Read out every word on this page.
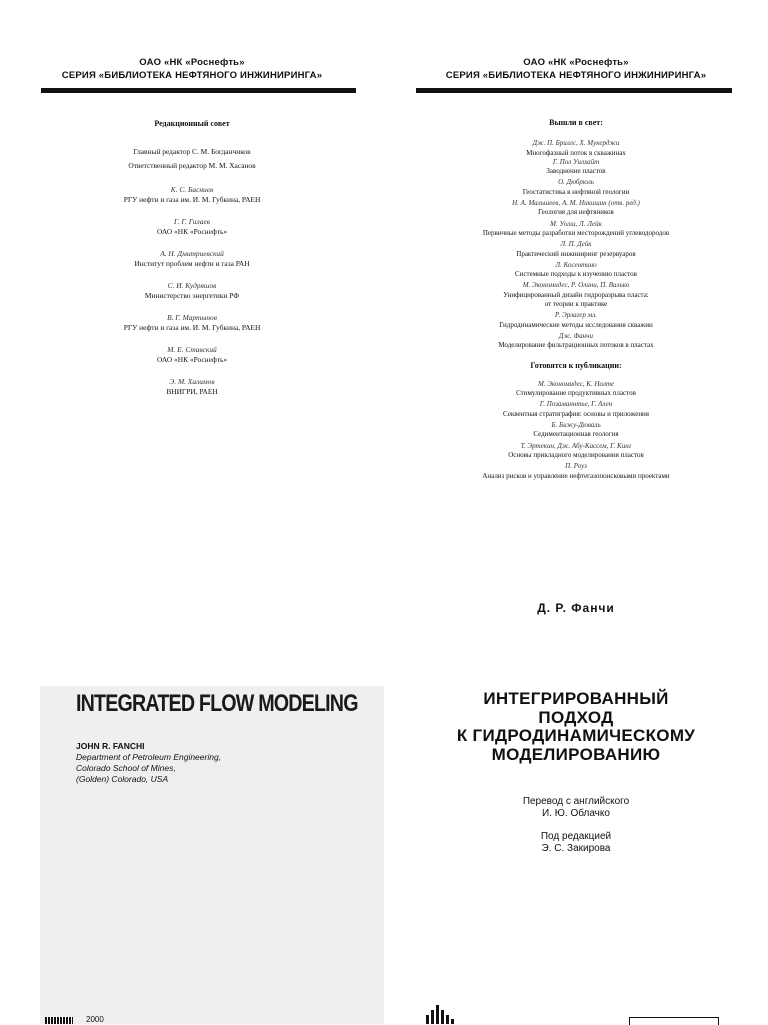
ОАО «НК «Роснефть»
СЕРИЯ «БИБЛИОТЕКА НЕФТЯНОГО ИНЖИНИРИНГА»
Редакционный совет
Главный редактор С. М. Богданчиков
Ответственный редактор М. М. Хасанов
К. С. Басниев
РГУ нефти и газа им. И. М. Губкина, РАЕН
Г. Г. Гилаев
ОАО «НК «Роснефть»
А. Н. Дмитриевский
Институт проблем нефти и газа РАН
С. И. Кудряшов
Министерство энергетики РФ
В. Г. Мартынов
РГУ нефти и газа им. И. М. Губкина, РАЕН
М. Е. Ставский
ОАО «НК «Роснефть»
Э. М. Халимов
ВНИГРИ, РАЕН
INTEGRATED FLOW MODELING
JOHN R. FANCHI
Department of Petroleum Engineering,
Colorado School of Mines,
(Golden) Colorado, USA
2000
ОАО «НК «Роснефть»
СЕРИЯ «БИБЛИОТЕКА НЕФТЯНОГО ИНЖИНИРИНГА»
Вышли в свет:
Дж. П. Бриллс, Х. Мукерджи
Многофазный поток в скважинах
Г. Пол Уилхайт
Заводнение пластов
О. Дюбрюль
Геостатистика в нефтяной геологии
Н. А. Мальшеев, А. М. Никишин (отв. ред.)
Геология для нефтяников
М. Уолш, Л. Лейк
Первичные методы разработки месторождений углеводородов
Л. П. Дейк
Практический инжиниринг резервуаров
Л. Косентино
Системные подходы к изучению пластов
М. Экономидес, Р. Олини, П. Валько
Унифицированный дизайн гидроразрыва пласта:
от теории к практике
Р. Эрлагер мл.
Гидродинамические методы исследования скважин
Дж. Фанчи
Моделирование фильтрационных потоков в пластах
Готовятся к публикации:
М. Экономидес, К. Нолте
Стимулирование продуктивных пластов
Г. Позаманнтье, Г. Ален
Секвентная стратиграфия: основы и приложения
Б. Бижу-Дюваль
Седиментационная геология
Т. Эртекин, Дж. Абу-Кассем, Г. Кинг
Основы прикладного моделирования пластов
П. Роуз
Анализ рисков и управление нефтегазопоисковыми проектами
Д. Р. Фанчи
ИНТЕГРИРОВАННЫЙ
ПОДХОД
К ГИДРОДИНАМИЧЕСКОМУ
МОДЕЛИРОВАНИЮ
Перевод с английского
И. Ю. Облачко
Под редакцией
Э. С. Закирова
